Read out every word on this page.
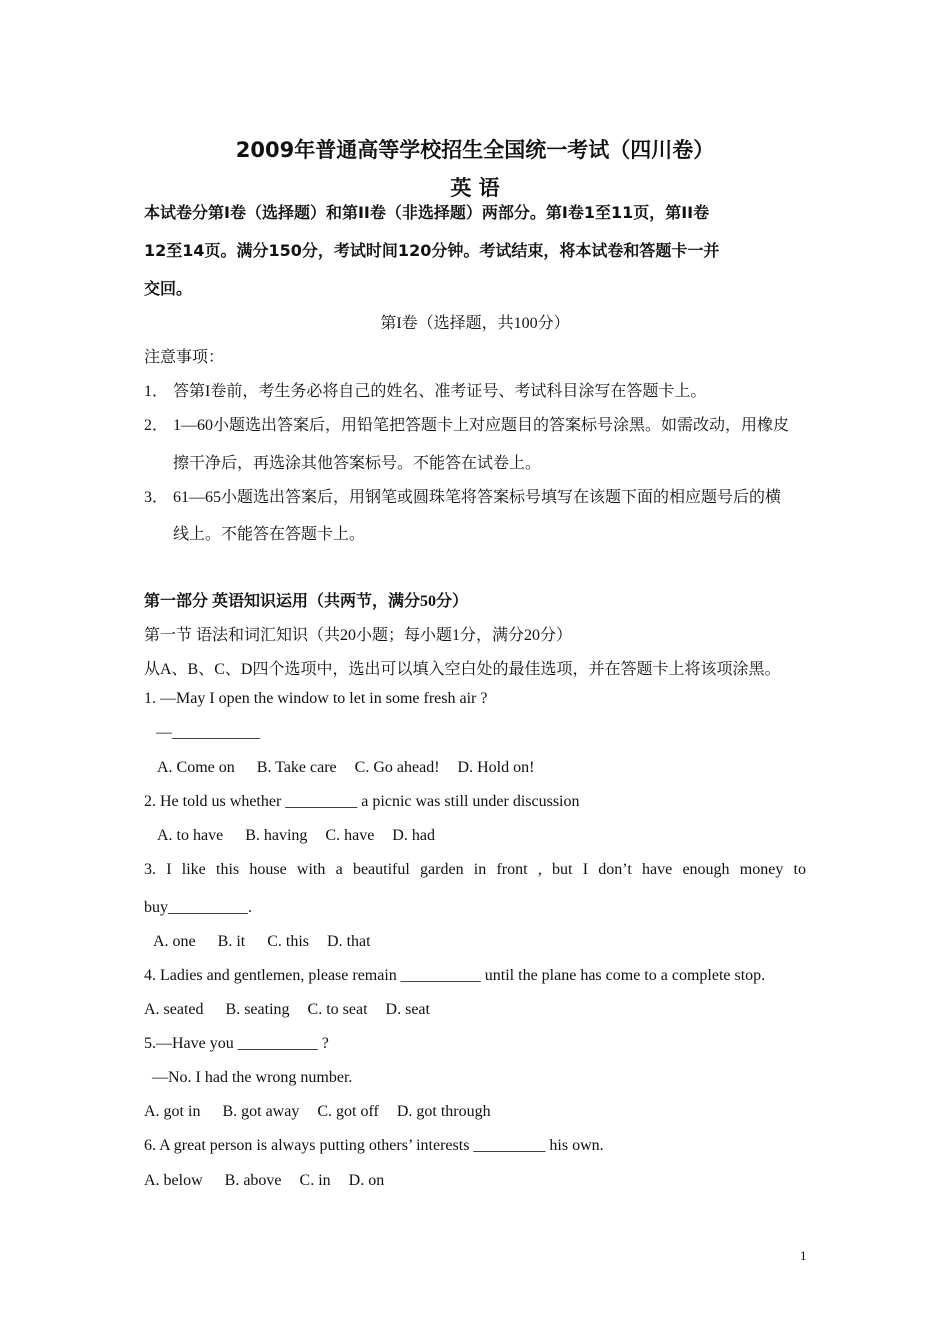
2009年普通高等学校招生全国统一考试（四川卷）
英 语
本试卷分第I卷（选择题）和第II卷（非选择题）两部分。第I卷1至11页，第II卷
12至14页。满分150分，考试时间120分钟。考试结束，将本试卷和答题卡一并
交回。
第I卷（选择题，共100分）
注意事项：
1． 答第I卷前，考生务必将自己的姓名、准考证号、考试科目涂写在答题卡上。
2． 1—60小题选出答案后，用铅笔把答题卡上对应题目的答案标号涂黑。如需改动，用橡皮
擦干净后，再选涂其他答案标号。不能答在试卷上。
3． 61—65小题选出答案后，用钢笔或圆珠笔将答案标号填写在该题下面的相应题号后的横
线上。不能答在答题卡上。
第一部分 英语知识运用（共两节，满分50分）
第一节 语法和词汇知识（共20小题；每小题1分，满分20分）
从A、B、C、D四个选项中，选出可以填入空白处的最佳选项，并在答题卡上将该项涂黑。
1. —May I open the window to let in some fresh air ?
—___________
A. Come on B. Take care C. Go ahead! D. Hold on!
2. He told us whether _________ a picnic was still under discussion
A. to have B. having C. have D. had
3. I like this house with a beautiful garden in front , but I don’t have enough money to
buy__________.
A. one B. it C. this D. that
4. Ladies and gentlemen, please remain __________ until the plane has come to a complete stop.
A. seated B. seating C. to seat D. seat
5.—Have you __________ ?
—No. I had the wrong number.
A. got in B. got away C. got off D. got through
6. A great person is always putting others’ interests _________ his own.
A. below B. above C. in D. on
1
